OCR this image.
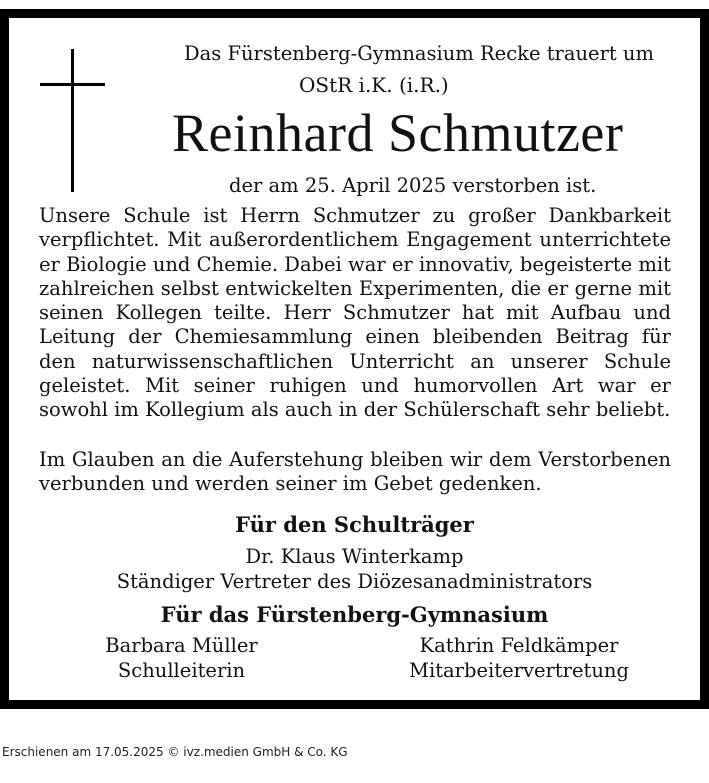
Das Fürstenberg-Gymnasium Recke trauert um
OStR i.K. (i.R.)
Reinhard Schmutzer
der am 25. April 2025 verstorben ist.

Unsere Schule ist Herrn Schmutzer zu großer Dankbarkeit verpflichtet. Mit außerordentlichem Engagement unterrichtete er Biologie und Chemie. Dabei war er innovativ, begeisterte mit zahlreichen selbst entwickelten Experimenten, die er gerne mit seinen Kollegen teilte. Herr Schmutzer hat mit Aufbau und Leitung der Chemiesammlung einen bleibenden Beitrag für den naturwissenschaftlichen Unterricht an unserer Schule geleistet. Mit seiner ruhigen und humorvollen Art war er sowohl im Kollegium als auch in der Schülerschaft sehr beliebt.

Im Glauben an die Auferstehung bleiben wir dem Verstorbenen verbunden und werden seiner im Gebet gedenken.

Für den Schulträger
Dr. Klaus Winterkamp
Ständiger Vertreter des Diözesanadministrators
Für das Fürstenberg-Gymnasium
Barbara Müller
Schulleiterin
Kathrin Feldkämper
Mitarbeitervertretung
Erschienen am 17.05.2025 © ivz.medien GmbH & Co. KG
